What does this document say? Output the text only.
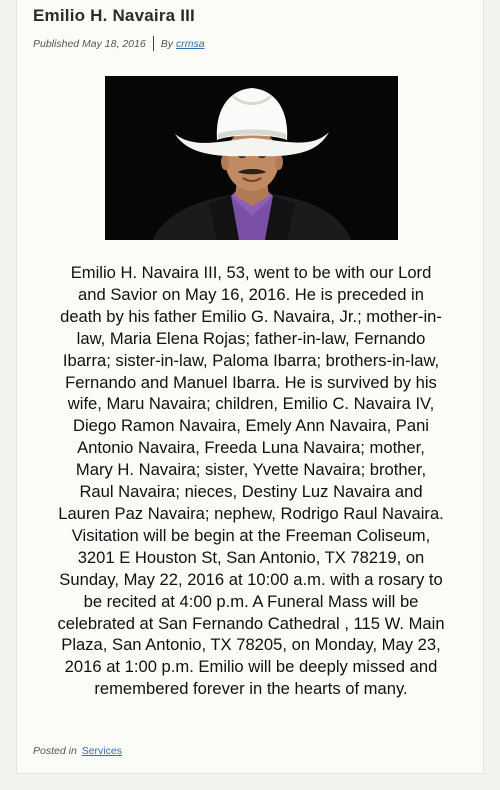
Emilio H. Navaira III
Published
May 18, 2016 By crmsa

Emilio H. Navaira III, 53, went to be with our Lord
and Savior on May 16, 2016. He is preceded in
death by his father Emilio G. Navaira, Jr.; mother-in-
law, Maria Elena Rojas; father-in-law, Fernando
Ibarra; sister-in-law, Paloma Ibarra; brothers-in-law,
Fernando and Manuel Ibarra. He is survived by his
wife, Maru Navaira; children, Emilio C. Navaira IV,
Diego Ramon Navaira, Emely Ann Navaira, Pani
Antonio Navaira, Freeda Luna Navaira; mother,
Mary H. Navaira; sister, Yvette Navaira; brother,
Raul Navaira; nieces, Destiny Luz Navaira and
Lauren Paz Navaira; nephew, Rodrigo Raul Navaira.
Visitation will be begin at the Freeman Coliseum,
3201 E Houston St, San Antonio, TX 78219, on
Sunday, May 22, 2016 at 10:00 a.m. with a rosary to
be recited at 4:00 p.m. A Funeral Mass will be
celebrated at San Fernando Cathedral , 115 W. Main
Plaza, San Antonio, TX 78205, on Monday, May 23,
2016 at 1:00 p.m. Emilio will be deeply missed and
remembered forever in the hearts of many.

Posted in Services
